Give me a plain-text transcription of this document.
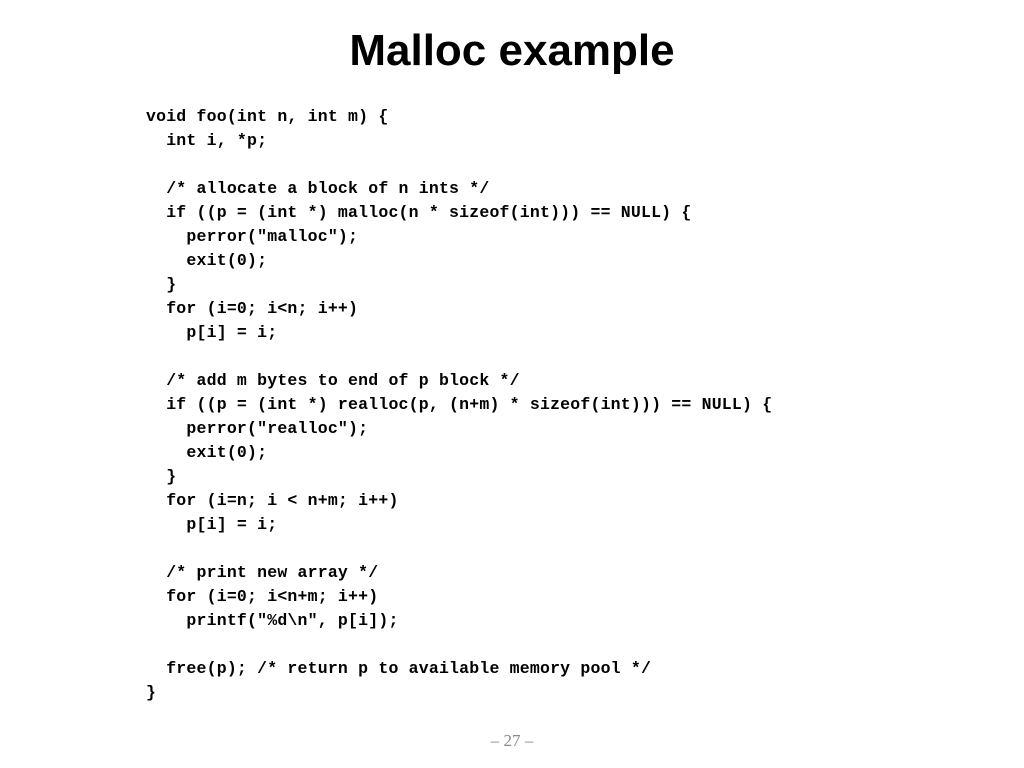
Malloc example
void foo(int n, int m) {
int i, *p;
/* allocate a block of n ints */
if ((p = (int *) malloc(n * sizeof(int))) == NULL) {
perror("malloc");
exit(0);
}
for (i=0; i<n; i++)
p[i] = i;
/* add m bytes to end of p block */
if ((p = (int *) realloc(p, (n+m) * sizeof(int))) == NULL) {
perror("realloc");
exit(0);
}
for (i=n; i < n+m; i++)
p[i] = i;
/* print new array */
for (i=0; i<n+m; i++)
printf("%d\n", p[i]);
free(p); /* return p to available memory pool */
}
– 27 –
